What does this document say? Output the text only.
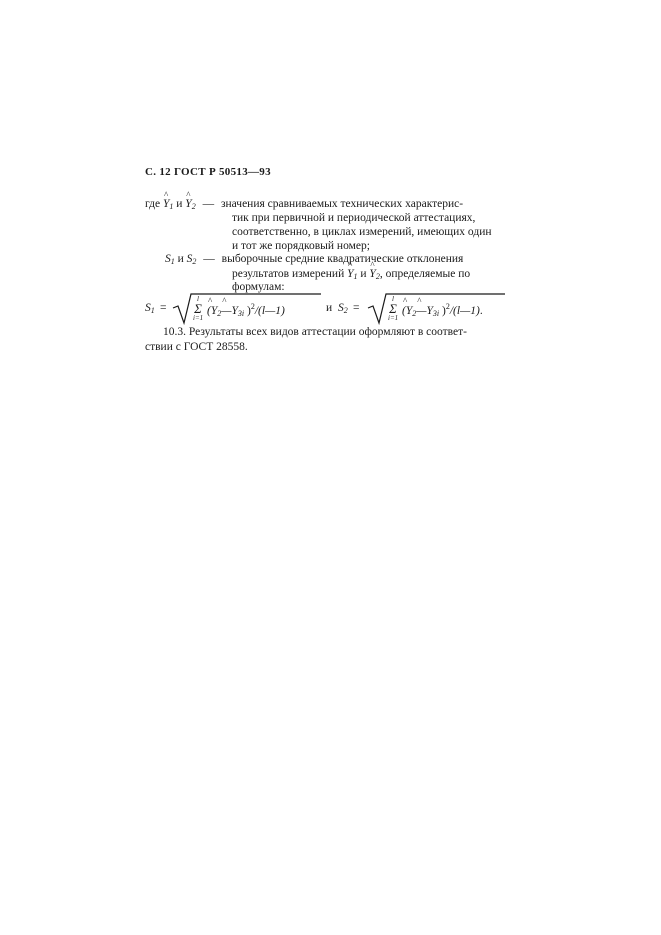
С. 12 ГОСТ Р 50513—93
где ^ $Y_1$ и ^ $Y_2$ — значения сравниваемых технических характерис-
тик при первичной и периодической аттестациях,
соответственно, в циклах измерений, имеющих один
и тот же порядковый номер;
$S_1$ и $S_2$ — выборочные средние квадратические отклонения
результатов измерений ^ $Y_1$ и ^ $Y_2$, определяемые по
формулам:
$S_1$ =
l
Σ
i=1
^ ($Y_2\^{}$ $—Y_{3i}$ )$^2$/(l—1)	и $S_2$ =
l
Σ
i=1
^ ($Y_2\^{}$ $—Y_{3i}$ )$^2$/(l—1).
10.3. Результаты всех видов аттестации оформляют в соответ-
ствии с ГОСТ 28558.
